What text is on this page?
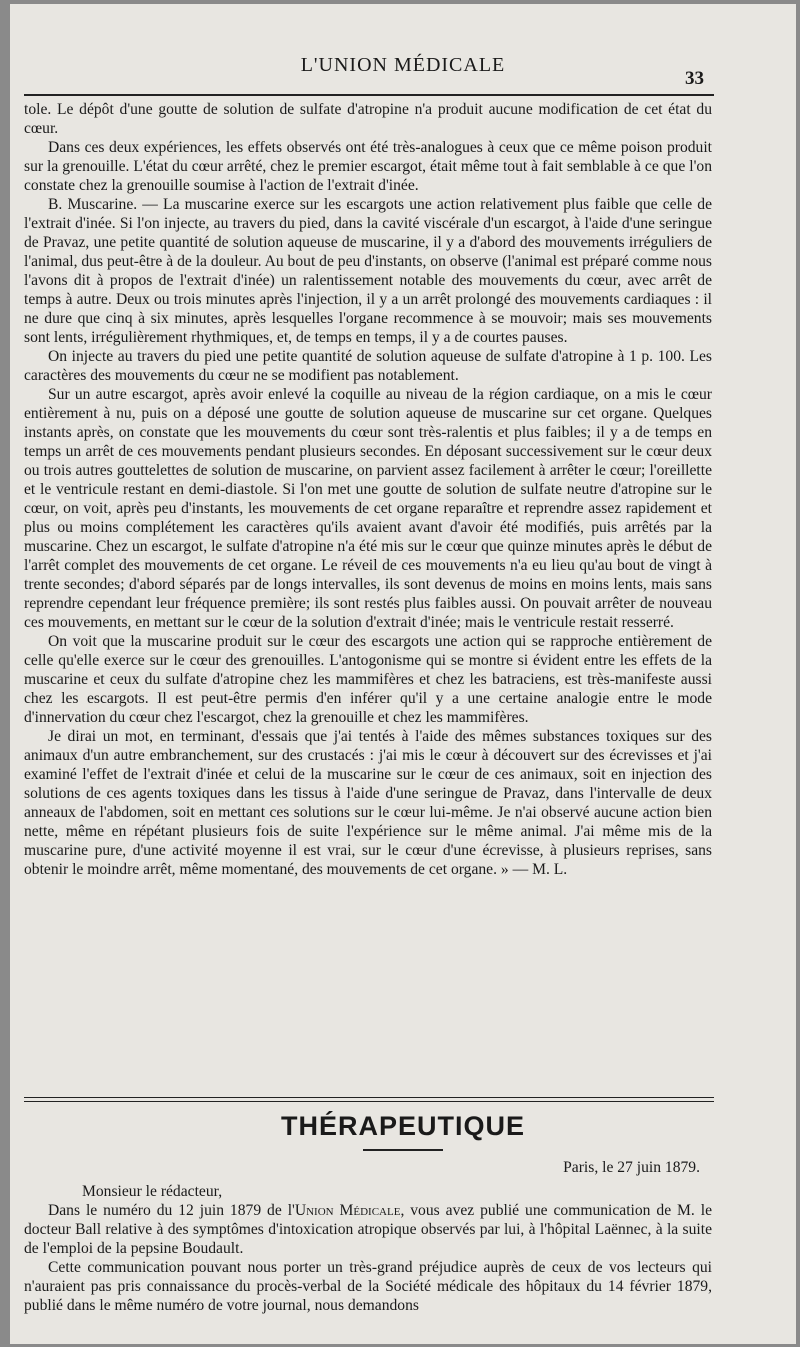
L'UNION MÉDICALE
33

tole. Le dépôt d'une goutte de solution de sulfate d'atropine n'a produit aucune modification de cet état du cœur.

Dans ces deux expériences, les effets observés ont été très-analogues à ceux que ce même poison produit sur la grenouille. L'état du cœur arrêté, chez le premier escargot, était même tout à fait semblable à ce que l'on constate chez la grenouille soumise à l'action de l'extrait d'inée.

B. Muscarine. — La muscarine exerce sur les escargots une action relativement plus faible que celle de l'extrait d'inée. Si l'on injecte, au travers du pied, dans la cavité viscérale d'un escargot, à l'aide d'une seringue de Pravaz, une petite quantité de solution aqueuse de muscarine, il y a d'abord des mouvements irréguliers de l'animal, dus peut-être à de la douleur. Au bout de peu d'instants, on observe (l'animal est préparé comme nous l'avons dit à propos de l'extrait d'inée) un ralentissement notable des mouvements du cœur, avec arrêt de temps à autre. Deux ou trois minutes après l'injection, il y a un arrêt prolongé des mouvements cardiaques : il ne dure que cinq à six minutes, après lesquelles l'organe recommence à se mouvoir; mais ses mouvements sont lents, irrégulièrement rhythmiques, et, de temps en temps, il y a de courtes pauses.

On injecte au travers du pied une petite quantité de solution aqueuse de sulfate d'atropine à 1 p. 100. Les caractères des mouvements du cœur ne se modifient pas notablement.

Sur un autre escargot, après avoir enlevé la coquille au niveau de la région cardiaque, on a mis le cœur entièrement à nu, puis on a déposé une goutte de solution aqueuse de muscarine sur cet organe. Quelques instants après, on constate que les mouvements du cœur sont très-ralentis et plus faibles; il y a de temps en temps un arrêt de ces mouvements pendant plusieurs secondes. En déposant successivement sur le cœur deux ou trois autres gouttelettes de solution de muscarine, on parvient assez facilement à arrêter le cœur; l'oreillette et le ventricule restant en demi-diastole. Si l'on met une goutte de solution de sulfate neutre d'atropine sur le cœur, on voit, après peu d'instants, les mouvements de cet organe reparaître et reprendre assez rapidement et plus ou moins complétement les caractères qu'ils avaient avant d'avoir été modifiés, puis arrêtés par la muscarine. Chez un escargot, le sulfate d'atropine n'a été mis sur le cœur que quinze minutes après le début de l'arrêt complet des mouvements de cet organe. Le réveil de ces mouvements n'a eu lieu qu'au bout de vingt à trente secondes; d'abord séparés par de longs intervalles, ils sont devenus de moins en moins lents, mais sans reprendre cependant leur fréquence première; ils sont restés plus faibles aussi. On pouvait arrêter de nouveau ces mouvements, en mettant sur le cœur de la solution d'extrait d'inée; mais le ventricule restait resserré.

On voit que la muscarine produit sur le cœur des escargots une action qui se rapproche entièrement de celle qu'elle exerce sur le cœur des grenouilles. L'antogonisme qui se montre si évident entre les effets de la muscarine et ceux du sulfate d'atropine chez les mammifères et chez les batraciens, est très-manifeste aussi chez les escargots. Il est peut-être permis d'en inférer qu'il y a une certaine analogie entre le mode d'innervation du cœur chez l'escargot, chez la grenouille et chez les mammifères.

Je dirai un mot, en terminant, d'essais que j'ai tentés à l'aide des mêmes substances toxiques sur des animaux d'un autre embranchement, sur des crustacés : j'ai mis le cœur à découvert sur des écrevisses et j'ai examiné l'effet de l'extrait d'inée et celui de la muscarine sur le cœur de ces animaux, soit en injection des solutions de ces agents toxiques dans les tissus à l'aide d'une seringue de Pravaz, dans l'intervalle de deux anneaux de l'abdomen, soit en mettant ces solutions sur le cœur lui-même. Je n'ai observé aucune action bien nette, même en répétant plusieurs fois de suite l'expérience sur le même animal. J'ai même mis de la muscarine pure, d'une activité moyenne il est vrai, sur le cœur d'une écrevisse, à plusieurs reprises, sans obtenir le moindre arrêt, même momentané, des mouvements de cet organe. » — M. L.

THÉRAPEUTIQUE
Paris, le 27 juin 1879.

Monsieur le rédacteur,

Dans le numéro du 12 juin 1879 de l'Union Médicale, vous avez publié une communication de M. le docteur Ball relative à des symptômes d'intoxication atropique observés par lui, à l'hôpital Laënnec, à la suite de l'emploi de la pepsine Boudault.

Cette communication pouvant nous porter un très-grand préjudice auprès de ceux de vos lecteurs qui n'auraient pas pris connaissance du procès-verbal de la Société médicale des hôpitaux du 14 février 1879, publié dans le même numéro de votre journal, nous demandons
